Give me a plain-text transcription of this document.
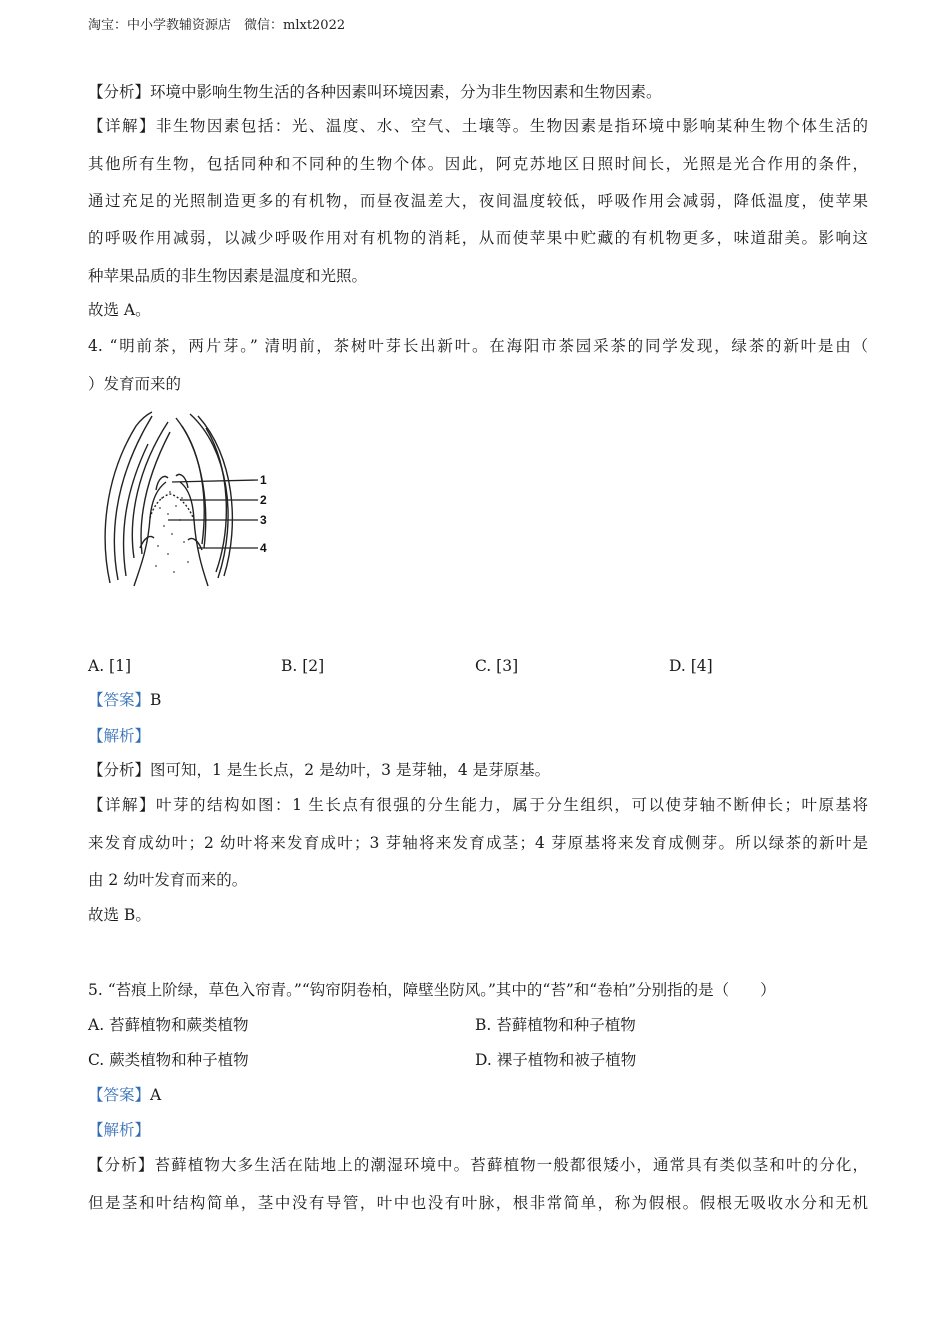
淘宝：中小学教辅资源店　微信：mlxt2022
【分析】环境中影响生物生活的各种因素叫环境因素，分为非生物因素和生物因素。
【详解】非生物因素包括：光、温度、水、空气、土壤等。生物因素是指环境中影响某种生物个体生活的
其他所有生物，包括同种和不同种的生物个体。因此，阿克苏地区日照时间长，光照是光合作用的条件，
通过充足的光照制造更多的有机物，而昼夜温差大，夜间温度较低，呼吸作用会减弱，降低温度，使苹果
的呼吸作用减弱，以减少呼吸作用对有机物的消耗，从而使苹果中贮藏的有机物更多，味道甜美。影响这
种苹果品质的非生物因素是温度和光照。
故选 A。
4. “明前茶，两片芽。” 清明前，茶树叶芽长出新叶。在海阳市茶园采茶的同学发现，绿茶的新叶是由（
）发育而来的
1
2
3
4
A. [1]	B. [2]	C. [3]	D. [4]
【答案】B
【解析】
【分析】图可知，1 是生长点，2 是幼叶，3 是芽轴，4 是芽原基。
【详解】叶芽的结构如图：1 生长点有很强的分生能力，属于分生组织，可以使芽轴不断伸长；叶原基将
来发育成幼叶；2 幼叶将来发育成叶；3 芽轴将来发育成茎；4 芽原基将来发育成侧芽。所以绿茶的新叶是
由 2 幼叶发育而来的。
故选 B。
5. “苔痕上阶绿，草色入帘青。”“钩帘阴卷柏，障壁坐防风。”其中的“苔”和“卷柏”分别指的是（　　）
A. 苔藓植物和蕨类植物	B. 苔藓植物和种子植物
C. 蕨类植物和种子植物	D. 裸子植物和被子植物
【答案】A
【解析】
【分析】苔藓植物大多生活在陆地上的潮湿环境中。苔藓植物一般都很矮小，通常具有类似茎和叶的分化，
但是茎和叶结构简单，茎中没有导管，叶中也没有叶脉，根非常简单，称为假根。假根无吸收水分和无机
